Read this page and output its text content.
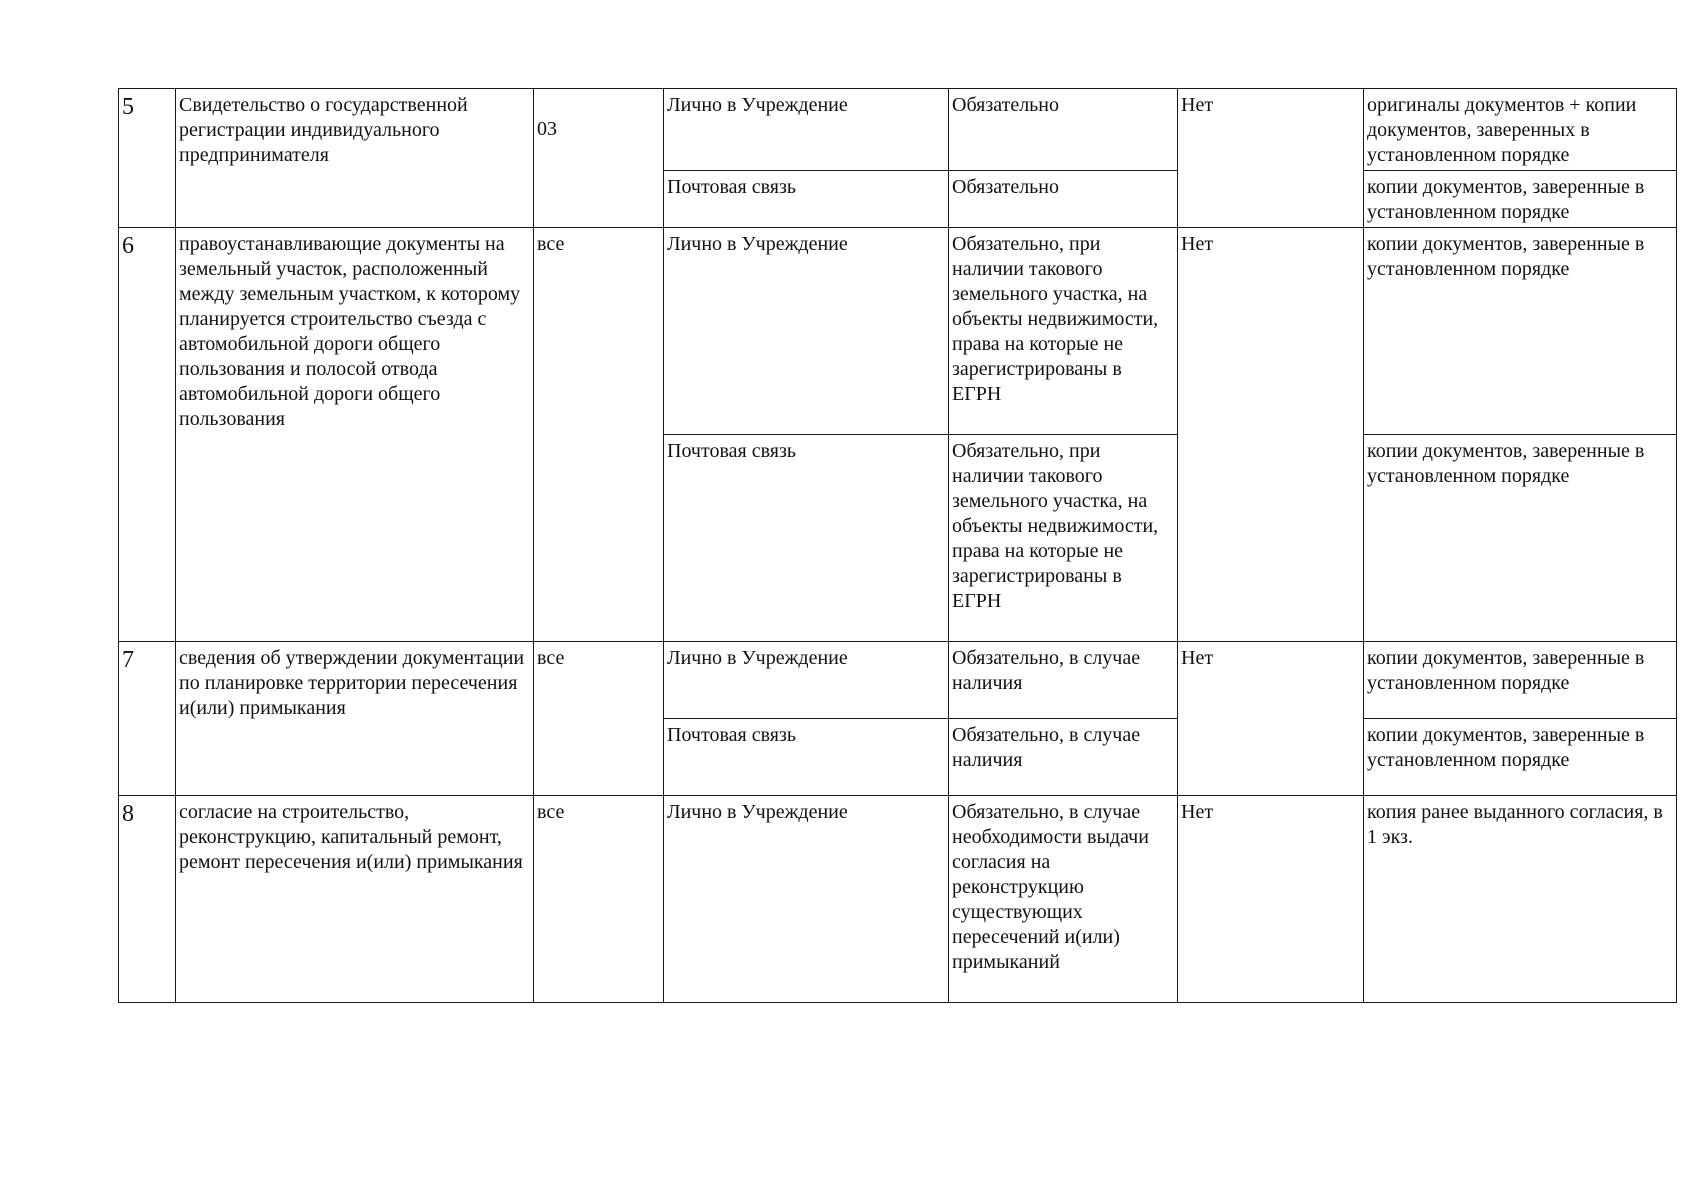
5	Свидетельство о государственной регистрации индивидуального предпринимателя	03	Лично в Учреждение	Обязательно	Нет	оригиналы документов + копии документов, заверенных в установленном порядке
			Почтовая связь	Обязательно		копии документов, заверенные в установленном порядке
6	правоустанавливающие документы на земельный участок, расположенный между земельным участком, к которому планируется строительство съезда с автомобильной дороги общего пользования и полосой отвода автомобильной дороги общего пользования	все	Лично в Учреждение	Обязательно, при наличии такового земельного участка, на объекты недвижимости, права на которые не зарегистрированы в ЕГРН	Нет	копии документов, заверенные в установленном порядке
			Почтовая связь	Обязательно, при наличии такового земельного участка, на объекты недвижимости, права на которые не зарегистрированы в ЕГРН		копии документов, заверенные в установленном порядке
7	сведения об утверждении документации по планировке территории пересечения и(или) примыкания	все	Лично в Учреждение	Обязательно, в случае наличия	Нет	копии документов, заверенные в установленном порядке
			Почтовая связь	Обязательно, в случае наличия		копии документов, заверенные в установленном порядке
8	согласие на строительство, реконструкцию, капитальный ремонт, ремонт пересечения и(или) примыкания	все	Лично в Учреждение	Обязательно, в случае необходимости выдачи согласия на реконструкцию существующих пересечений и(или) примыканий	Нет	копия ранее выданного согласия, в 1 экз.
